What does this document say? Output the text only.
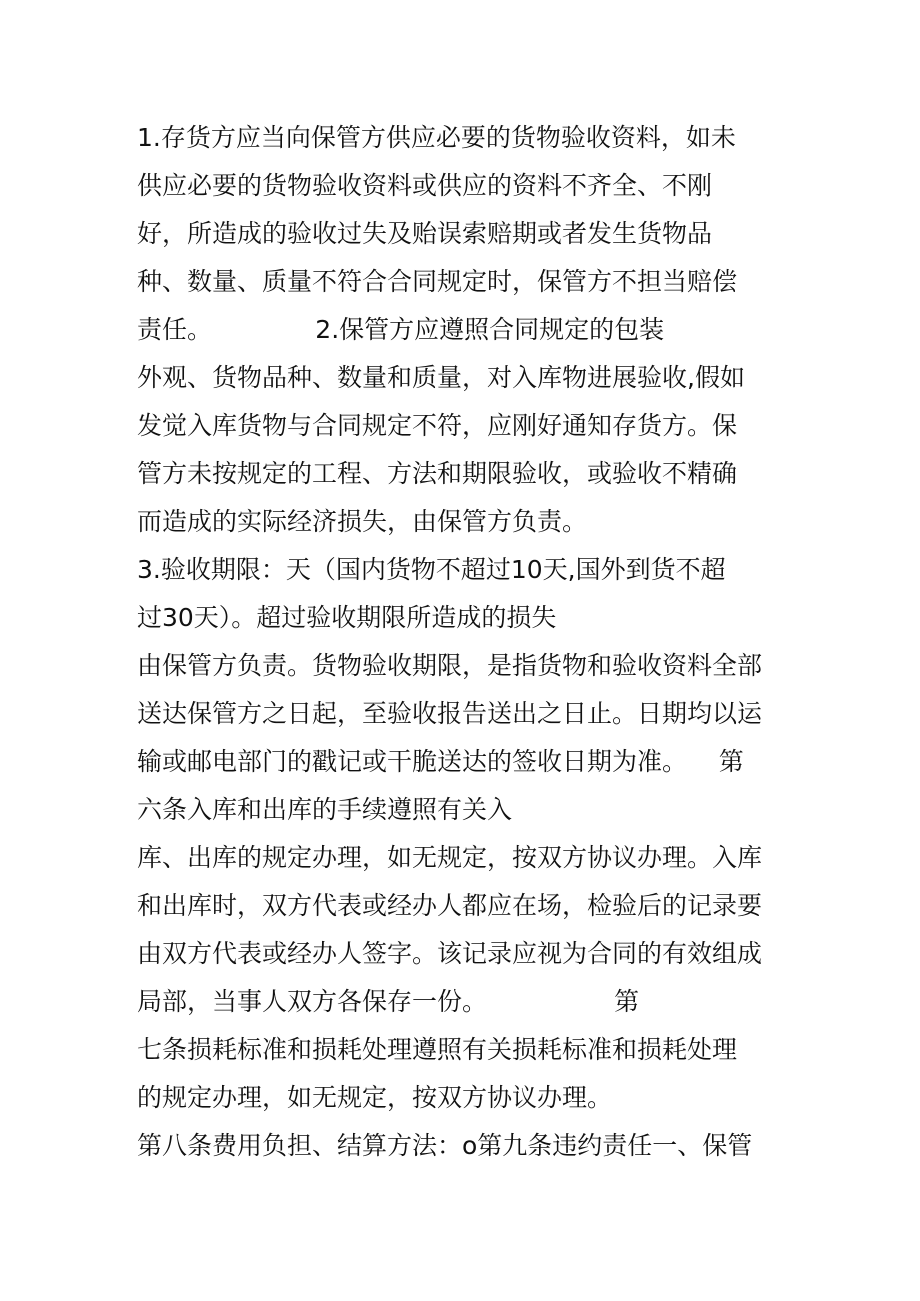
1.存货方应当向保管方供应必要的货物验收资料，如未
供应必要的货物验收资料或供应的资料不齐全、不刚
好，所造成的验收过失及贻误索赔期或者发生货物品
种、数量、质量不符合合同规定时，保管方不担当赔偿
责任。             2.保管方应遵照合同规定的包装
外观、货物品种、数量和质量，对入库物进展验收,假如
发觉入库货物与合同规定不符，应刚好通知存货方。保
管方未按规定的工程、方法和期限验收，或验收不精确
而造成的实际经济损失，由保管方负责。
3.验收期限：天（国内货物不超过10天,国外到货不超
过30天）。超过验收期限所造成的损失
由保管方负责。货物验收期限，是指货物和验收资料全部
送达保管方之日起，至验收报告送出之日止。日期均以运
输或邮电部门的戳记或干脆送达的签收日期为准。    第
六条入库和出库的手续遵照有关入
库、出库的规定办理，如无规定，按双方协议办理。入库
和出库时，双方代表或经办人都应在场，检验后的记录要
由双方代表或经办人签字。该记录应视为合同的有效组成
局部，当事人双方各保存一份。                第
七条损耗标准和损耗处理遵照有关损耗标准和损耗处理
的规定办理，如无规定，按双方协议办理。
第八条费用负担、结算方法：o第九条违约责任一、保管
